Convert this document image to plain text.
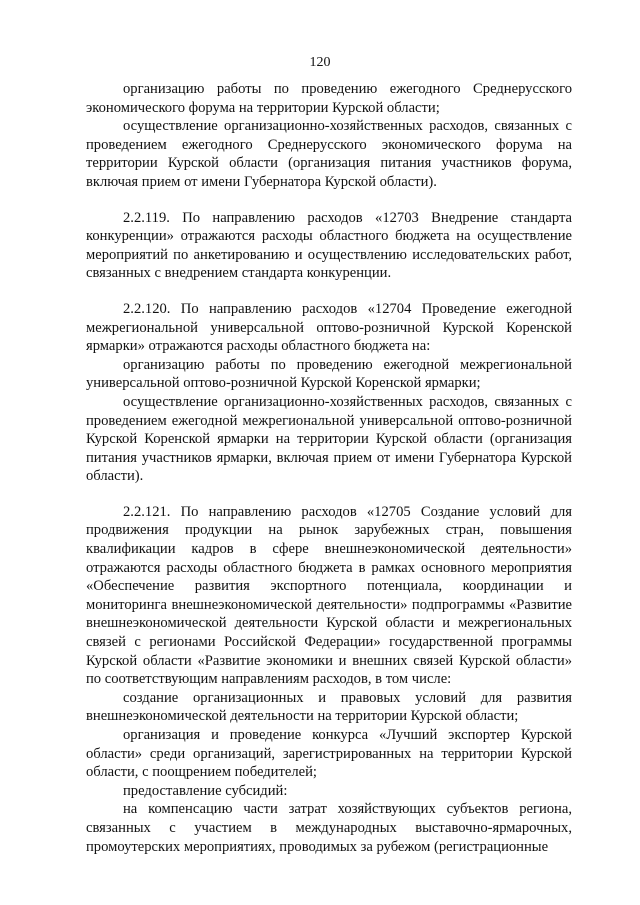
120

организацию работы по проведению ежегодного Среднерусского экономического форума на территории Курской области;

осуществление организационно-хозяйственных расходов, связанных с проведением ежегодного Среднерусского экономического форума на территории Курской области (организация питания участников форума, включая прием от имени Губернатора Курской области).

2.2.119. По направлению расходов «12703 Внедрение стандарта конкуренции» отражаются расходы областного бюджета на осуществление мероприятий по анкетированию и осуществлению исследовательских работ, связанных с внедрением стандарта конкуренции.

2.2.120. По направлению расходов «12704 Проведение ежегодной межрегиональной универсальной оптово-розничной Курской Коренской ярмарки» отражаются расходы областного бюджета на:

организацию работы по проведению ежегодной межрегиональной универсальной оптово-розничной Курской Коренской ярмарки;

осуществление организационно-хозяйственных расходов, связанных с проведением ежегодной межрегиональной универсальной оптово-розничной Курской Коренской ярмарки на территории Курской области (организация питания участников ярмарки, включая прием от имени Губернатора Курской области).

2.2.121. По направлению расходов «12705 Создание условий для продвижения продукции на рынок зарубежных стран, повышения квалификации кадров в сфере внешнеэкономической деятельности» отражаются расходы областного бюджета в рамках основного мероприятия «Обеспечение развития экспортного потенциала, координации и мониторинга внешнеэкономической деятельности» подпрограммы «Развитие внешнеэкономической деятельности Курской области и межрегиональных связей с регионами Российской Федерации» государственной программы Курской области «Развитие экономики и внешних связей Курской области» по соответствующим направлениям расходов, в том числе:

создание организационных и правовых условий для развития внешнеэкономической деятельности на территории Курской области;

организация и проведение конкурса «Лучший экспортер Курской области» среди организаций, зарегистрированных на территории Курской области, с поощрением победителей;

предоставление субсидий:

на компенсацию части затрат хозяйствующих субъектов региона, связанных с участием в международных выставочно-ярмарочных, промоутерских мероприятиях, проводимых за рубежом (регистрационные
